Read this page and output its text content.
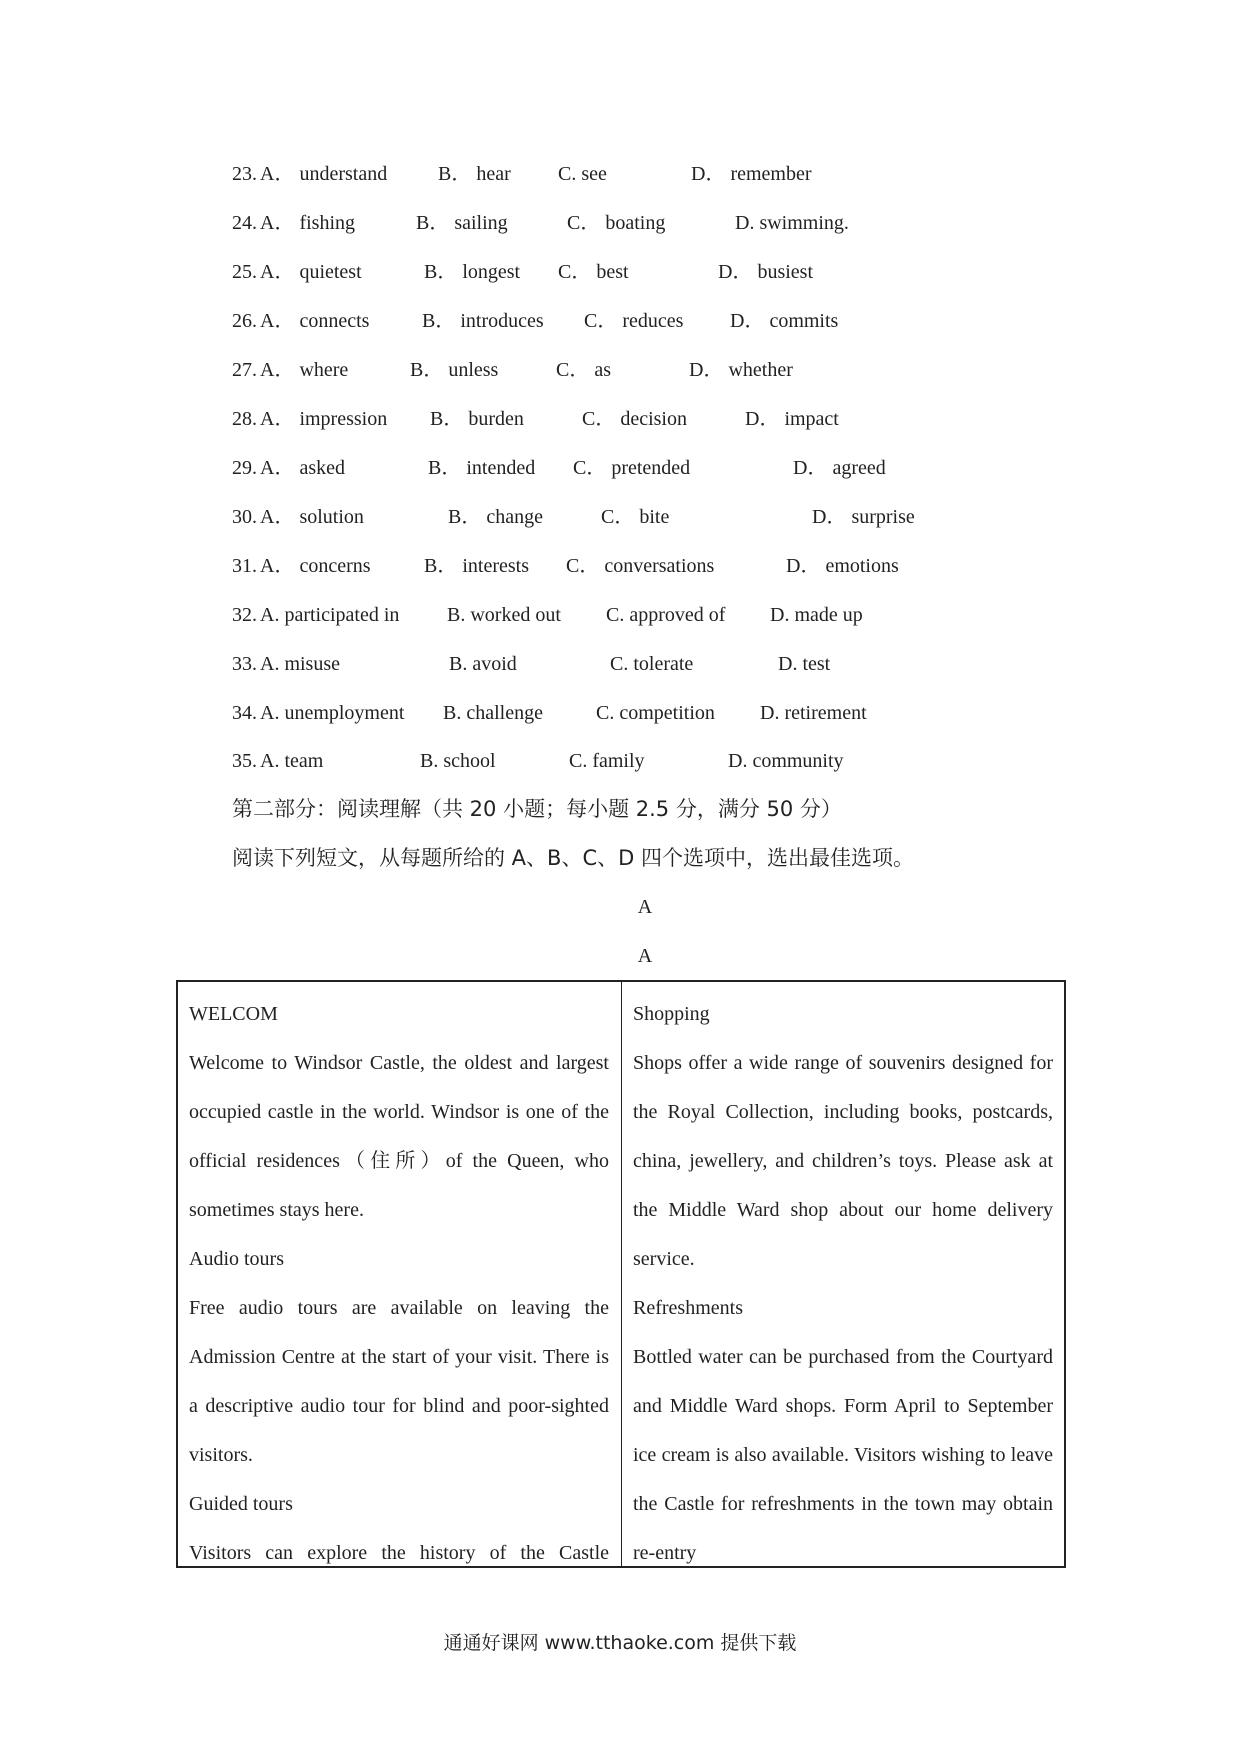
23. A． understand	B． hear C. see	D． remember
24. A． fishing	B． sailing	C． boating	D. swimming.
25. A． quietest	B． longest C． best	D． busiest
26. A． connects	B． introduces C． reduces D． commits
27. A． where	B． unless	C． as	D． whether
28. A． impression B． burden	C． decision	D． impact
29. A． asked	B． intended C． pretended	D． agreed
30. A． solution	B． change	C． bite	D． surprise
31. A． concerns	B． interests C． conversations	D． emotions
32. A. participated in B. worked out C. approved of D. made up
33. A. misuse	B. avoid	C. tolerate	D. test
34. A. unemployment B. challenge	C. competition D. retirement
35. A. team	B. school	C. family	D. community
第二部分：阅读理解（共 20 小题；每小题 2.5 分，满分 50 分）
阅读下列短文，从每题所给的 A、B、C、D 四个选项中，选出最佳选项。
A
A
WELCOM
Welcome to Windsor Castle, the oldest and largest occupied castle in the world. Windsor is one of the official residences（住所）of the Queen, who sometimes stays here.
Audio tours
Free audio tours are available on leaving the Admission Centre at the start of your visit. There is a descriptive audio tour for blind and poor-sighted visitors.
Guided tours
Visitors can explore the history of the Castle
Shopping
Shops offer a wide range of souvenirs designed for the Royal Collection, including books, postcards, china, jewellery, and children’s toys. Please ask at the Middle Ward shop about our home delivery service.
Refreshments
Bottled water can be purchased from the Courtyard and Middle Ward shops. Form April to September ice cream is also available. Visitors wishing to leave the Castle for refreshments in the town may obtain re-entry
通通好课网 www.tthaoke.com 提供下载
